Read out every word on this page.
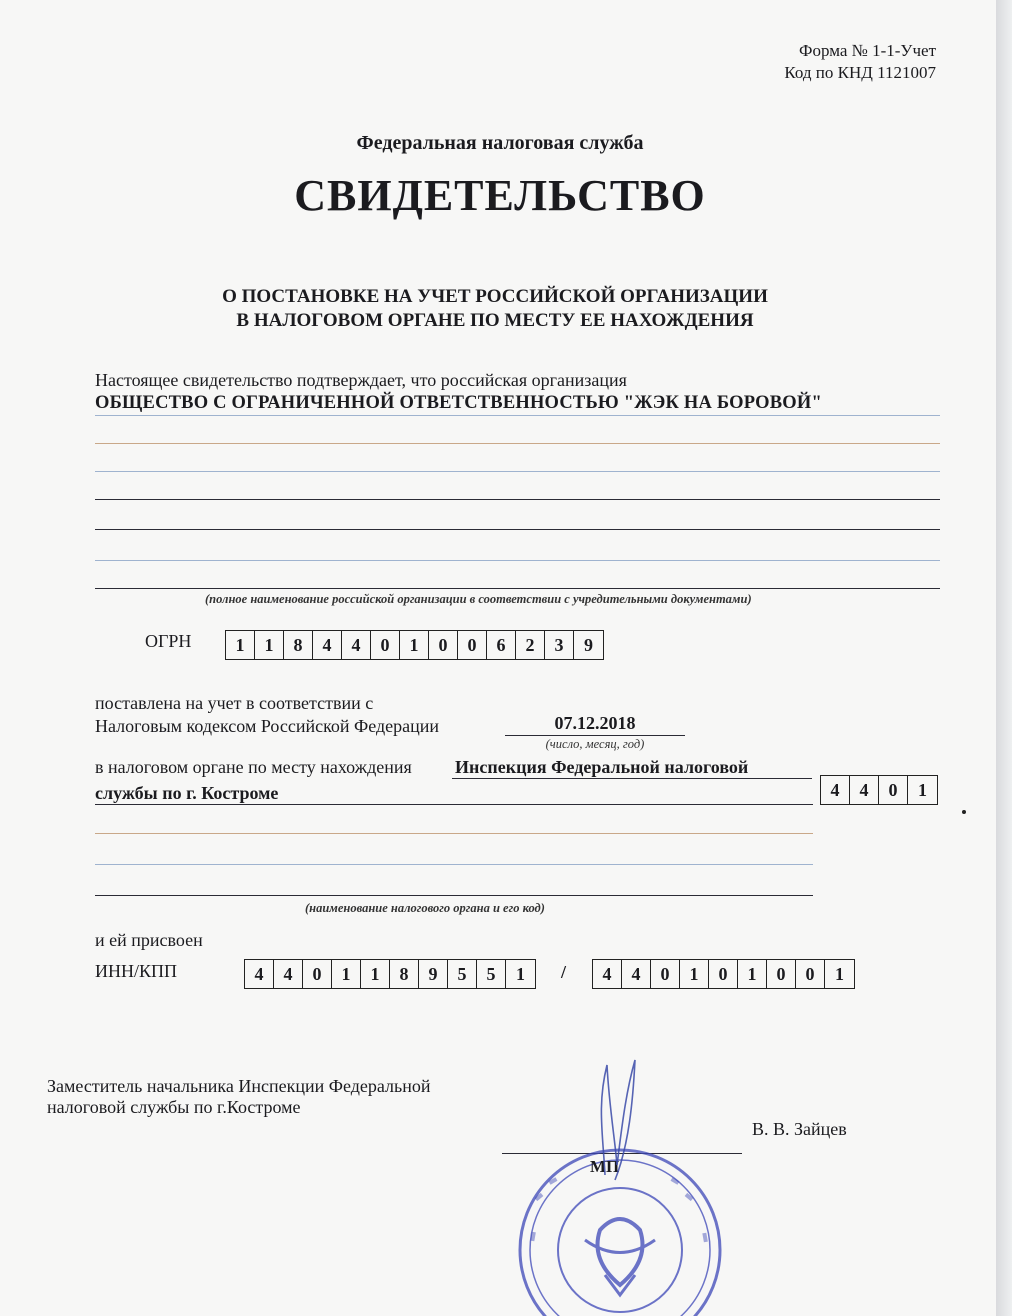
Форма № 1-1-Учет
Код по КНД 1121007
Федеральная налоговая служба
СВИДЕТЕЛЬСТВО
О ПОСТАНОВКЕ НА УЧЕТ РОССИЙСКОЙ ОРГАНИЗАЦИИ
В НАЛОГОВОМ ОРГАНЕ ПО МЕСТУ ЕЕ НАХОЖДЕНИЯ
Настоящее свидетельство подтверждает, что российская организация
ОБЩЕСТВО С ОГРАНИЧЕННОЙ ОТВЕТСТВЕННОСТЬЮ "ЖЭК НА БОРОВОЙ"
(полное наименование российской организации в соответствии с учредительными документами)
ОГРН	1	1	8	4	4	0	1	0	0	6	2	3	9
поставлена на учет в соответствии с
Налоговым кодексом Российской Федерации	07.12.2018
(число, месяц, год)
в налоговом органе по месту нахождения Инспекция Федеральной налоговой
службы по г. Костроме	4	4	0	1
(наименование налогового органа и его код)
и ей присвоен
ИНН/КПП	4	4	0	1	1	8	9	5	5	1	/	4	4	0	1	0	1	0	0	1
Заместитель начальника Инспекции Федеральной
налоговой службы по г.Костроме
В. В. Зайцев
МП
